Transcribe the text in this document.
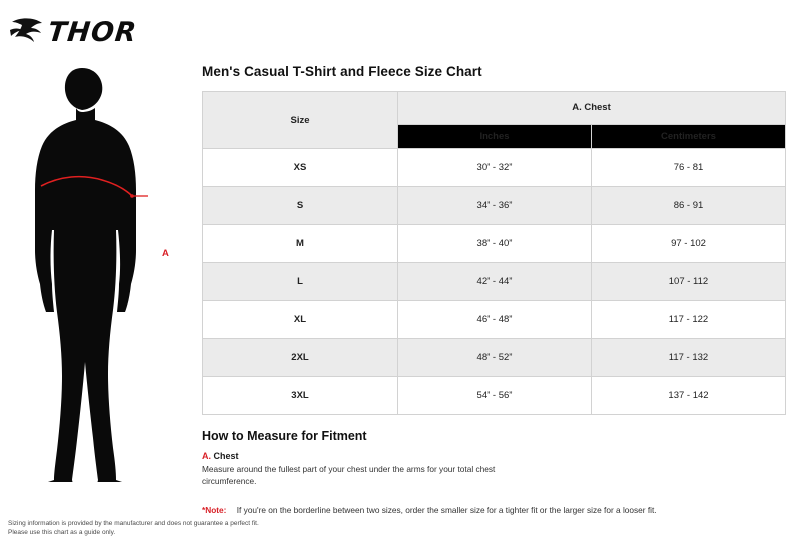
THOR
A
Men's Casual T-Shirt and Fleece Size Chart
Size	A. Chest	
	Inches	Centimeters
XS	30” - 32”	76 - 81
S	34” - 36”	86 - 91
M	38” - 40”	97 - 102
L	42” - 44”	107 - 112
XL	46” - 48”	117 - 122
2XL	48” - 52”	117 - 132
3XL	54” - 56”	137 - 142
How to Measure for Fitment

A. Chest

Measure around the fullest part of your chest under the arms for your total chest circumference.

*Note: If you're on the borderline between two sizes, order the smaller size for a tighter fit or the larger size for a looser fit.
Sizing information is provided by the manufacturer and does not guarantee a perfect fit.
Please use this chart as a guide only.
